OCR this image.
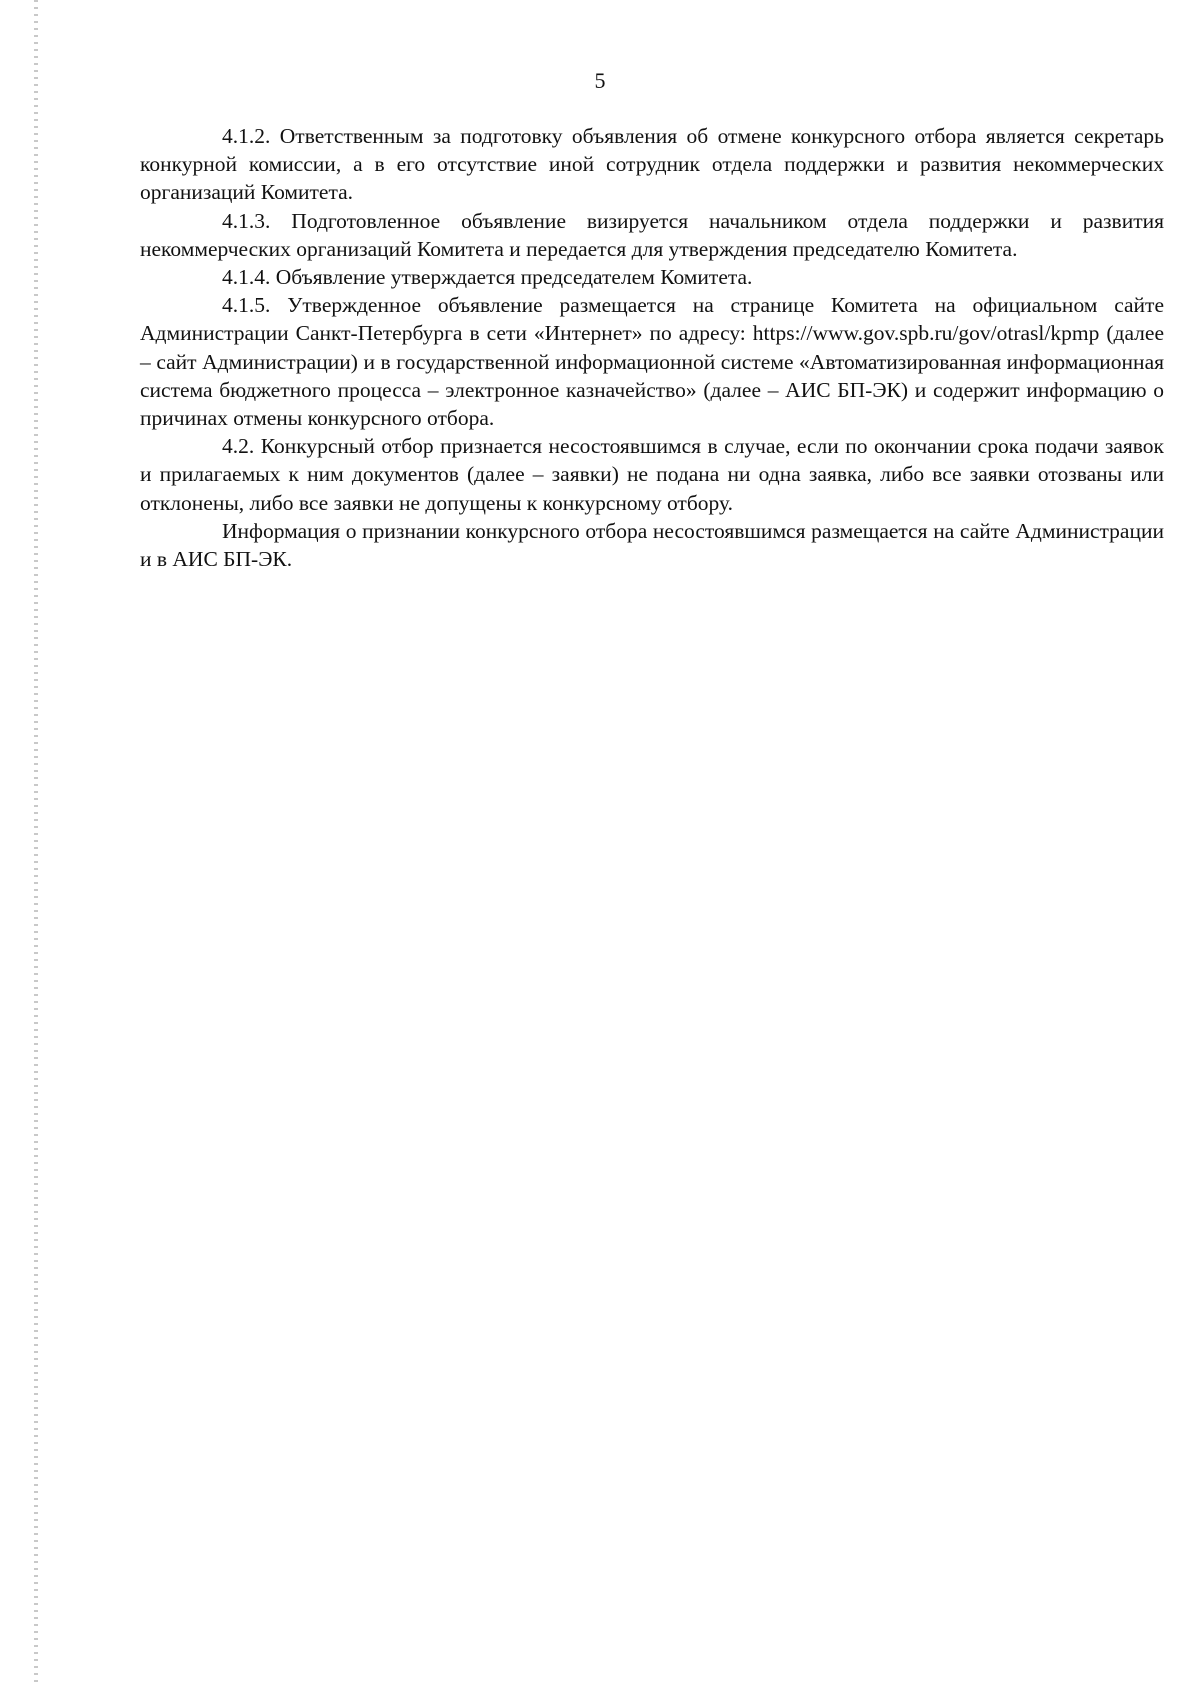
5

4.1.2. Ответственным за подготовку объявления об отмене конкурсного отбора является секретарь конкурной комиссии, а в его отсутствие иной сотрудник отдела поддержки и развития некоммерческих организаций Комитета.

4.1.3. Подготовленное объявление визируется начальником отдела поддержки и развития некоммерческих организаций Комитета и передается для утверждения председателю Комитета.

4.1.4. Объявление утверждается председателем Комитета.

4.1.5. Утвержденное объявление размещается на странице Комитета на официальном сайте Администрации Санкт-Петербурга в сети «Интернет» по адресу: https://www.gov.spb.ru/gov/otrasl/kpmp (далее – сайт Администрации) и в государственной информационной системе «Автоматизированная информационная система бюджетного процесса – электронное казначейство» (далее – АИС БП-ЭК) и содержит информацию о причинах отмены конкурсного отбора.

4.2. Конкурсный отбор признается несостоявшимся в случае, если по окончании срока подачи заявок и прилагаемых к ним документов (далее – заявки) не подана ни одна заявка, либо все заявки отозваны или отклонены, либо все заявки не допущены к конкурсному отбору.

Информация о признании конкурсного отбора несостоявшимся размещается на сайте Администрации и в АИС БП-ЭК.
